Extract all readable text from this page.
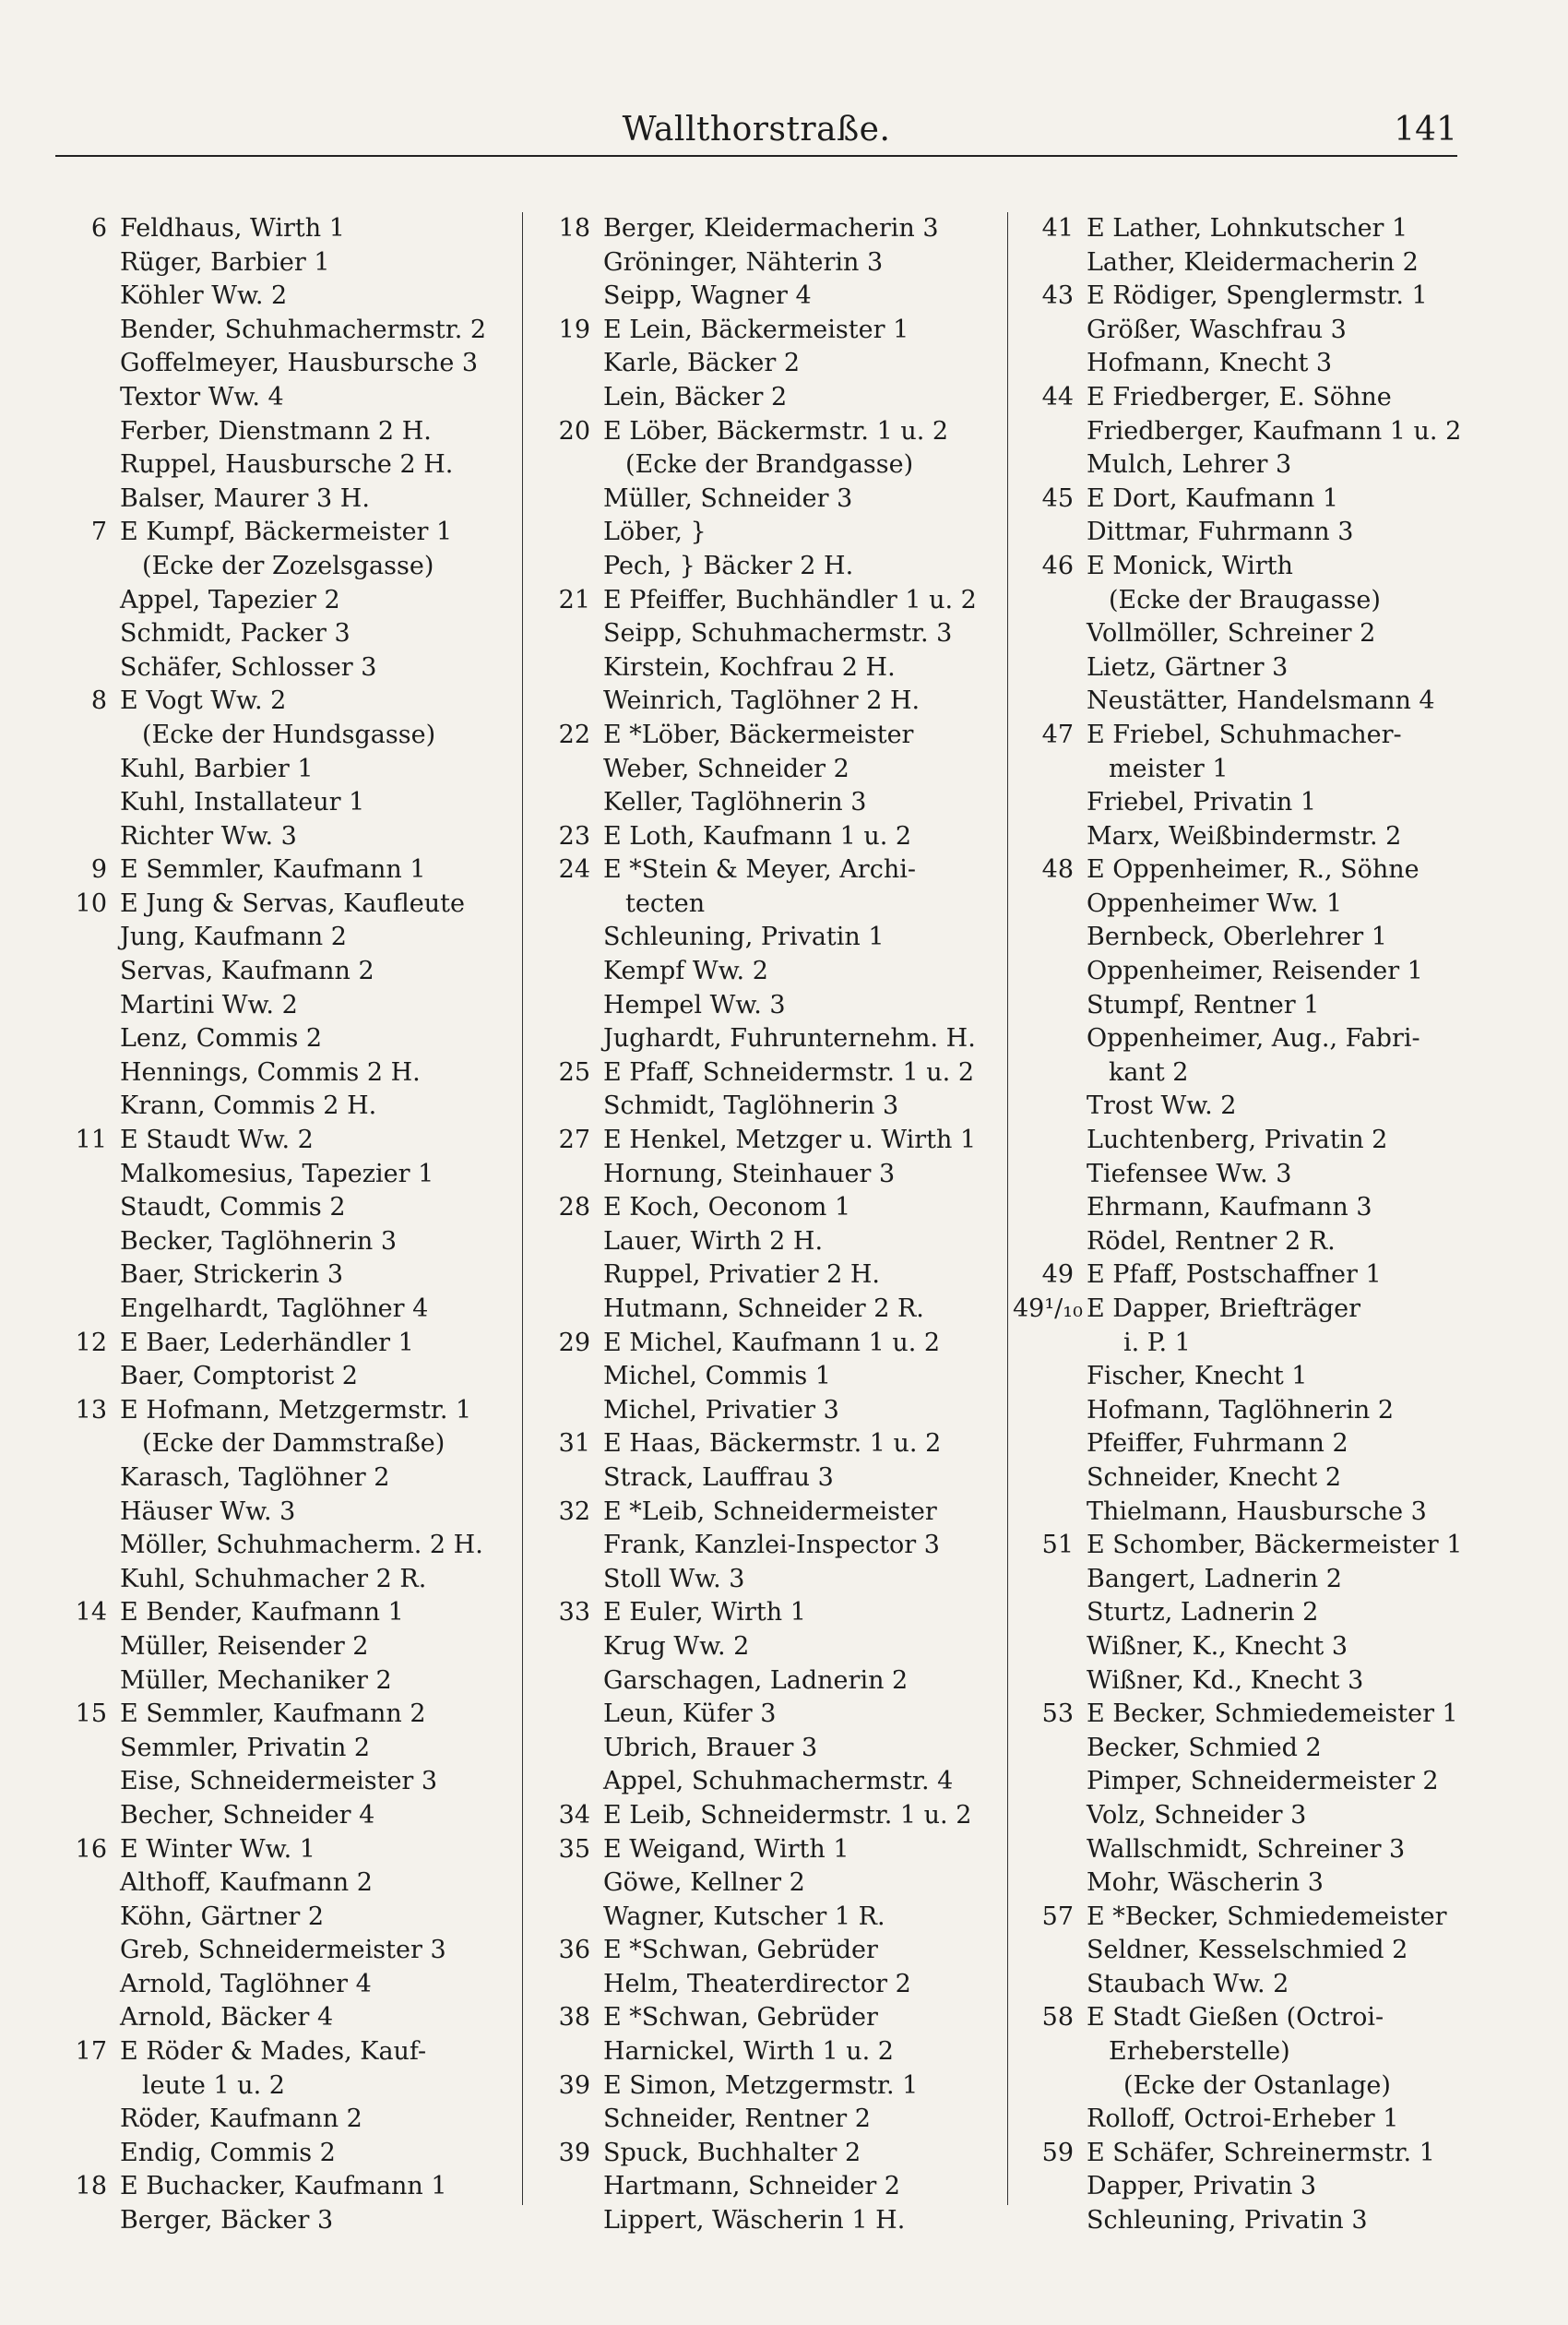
Wallthorstraße.	141
6 Feldhaus, Wirth 1
Rüger, Barbier 1
Köhler Ww. 2
Bender, Schuhmachermstr. 2
Goffelmeyer, Hausbursche 3
Textor Ww. 4
Ferber, Dienstmann 2 H.
Ruppel, Hausbursche 2 H.
Balser, Maurer 3 H.
7 E Kumpf, Bäckermeister 1
(Ecke der Zozelsgasse)
Appel, Tapezier 2
Schmidt, Packer 3
Schäfer, Schlosser 3
8 E Vogt Ww. 2
(Ecke der Hundsgasse)
Kuhl, Barbier 1
Kuhl, Installateur 1
Richter Ww. 3
9 E Semmler, Kaufmann 1
10 E Jung & Servas, Kaufleute
Jung, Kaufmann 2
Servas, Kaufmann 2
Martini Ww. 2
Lenz, Commis 2
Hennings, Commis 2 H.
Krann, Commis 2 H.
11 E Staudt Ww. 2
Malkomesius, Tapezier 1
Staudt, Commis 2
Becker, Taglöhnerin 3
Baer, Strickerin 3
Engelhardt, Taglöhner 4
12 E Baer, Lederhändler 1
Baer, Comptorist 2
13 E Hofmann, Metzgermstr. 1
(Ecke der Dammstraße)
Karasch, Taglöhner 2
Häuser Ww. 3
Möller, Schuhmacherm. 2 H.
Kuhl, Schuhmacher 2 R.
14 E Bender, Kaufmann 1
Müller, Reisender 2
Müller, Mechaniker 2
15 E Semmler, Kaufmann 2
Semmler, Privatin 2
Eise, Schneidermeister 3
Becher, Schneider 4
16 E Winter Ww. 1
Althoff, Kaufmann 2
Köhn, Gärtner 2
Greb, Schneidermeister 3
Arnold, Taglöhner 4
Arnold, Bäcker 4
17 E Röder & Mades, Kauf-
leute 1 u. 2
Röder, Kaufmann 2
Endig, Commis 2
18 E Buchacker, Kaufmann 1
Berger, Bäcker 3
18 Berger, Kleidermacherin 3
Gröninger, Nähterin 3
Seipp, Wagner 4
19 E Lein, Bäckermeister 1
Karle, Bäcker 2
Lein, Bäcker 2
20 E Löber, Bäckermstr. 1 u. 2
(Ecke der Brandgasse)
Müller, Schneider 3
Löber, }
Pech, } Bäcker 2 H.
21 E Pfeiffer, Buchhändler 1 u. 2
Seipp, Schuhmachermstr. 3
Kirstein, Kochfrau 2 H.
Weinrich, Taglöhner 2 H.
22 E *Löber, Bäckermeister
Weber, Schneider 2
Keller, Taglöhnerin 3
23 E Loth, Kaufmann 1 u. 2
24 E *Stein & Meyer, Archi-
tecten
Schleuning, Privatin 1
Kempf Ww. 2
Hempel Ww. 3
Jughardt, Fuhrunternehm. H.
25 E Pfaff, Schneidermstr. 1 u. 2
Schmidt, Taglöhnerin 3
27 E Henkel, Metzger u. Wirth 1
Hornung, Steinhauer 3
28 E Koch, Oeconom 1
Lauer, Wirth 2 H.
Ruppel, Privatier 2 H.
Hutmann, Schneider 2 R.
29 E Michel, Kaufmann 1 u. 2
Michel, Commis 1
Michel, Privatier 3
31 E Haas, Bäckermstr. 1 u. 2
Strack, Lauffrau 3
32 E *Leib, Schneidermeister
Frank, Kanzlei-Inspector 3
Stoll Ww. 3
33 E Euler, Wirth 1
Krug Ww. 2
Garschagen, Ladnerin 2
Leun, Küfer 3
Ubrich, Brauer 3
Appel, Schuhmachermstr. 4
34 E Leib, Schneidermstr. 1 u. 2
35 E Weigand, Wirth 1
Göwe, Kellner 2
Wagner, Kutscher 1 R.
36 E *Schwan, Gebrüder
Helm, Theaterdirector 2
38 E *Schwan, Gebrüder
Harnickel, Wirth 1 u. 2
39 E Simon, Metzgermstr. 1
Schneider, Rentner 2
39 Spuck, Buchhalter 2
Hartmann, Schneider 2
Lippert, Wäscherin 1 H.
41 E Lather, Lohnkutscher 1
Lather, Kleidermacherin 2
43 E Rödiger, Spenglermstr. 1
Größer, Waschfrau 3
Hofmann, Knecht 3
44 E Friedberger, E. Söhne
Friedberger, Kaufmann 1 u. 2
Mulch, Lehrer 3
45 E Dort, Kaufmann 1
Dittmar, Fuhrmann 3
46 E Monick, Wirth
(Ecke der Braugasse)
Vollmöller, Schreiner 2
Lietz, Gärtner 3
Neustätter, Handelsmann 4
47 E Friebel, Schuhmacher-
meister 1
Friebel, Privatin 1
Marx, Weißbindermstr. 2
48 E Oppenheimer, R., Söhne
Oppenheimer Ww. 1
Bernbeck, Oberlehrer 1
Oppenheimer, Reisender 1
Stumpf, Rentner 1
Oppenheimer, Aug., Fabri-
kant 2
Trost Ww. 2
Luchtenberg, Privatin 2
Tiefensee Ww. 3
Ehrmann, Kaufmann 3
Rödel, Rentner 2 R.
49 E Pfaff, Postschaffner 1
49¹/₁₀ E Dapper, Briefträger
i. P. 1
Fischer, Knecht 1
Hofmann, Taglöhnerin 2
Pfeiffer, Fuhrmann 2
Schneider, Knecht 2
Thielmann, Hausbursche 3
51 E Schomber, Bäckermeister 1
Bangert, Ladnerin 2
Sturtz, Ladnerin 2
Wißner, K., Knecht 3
Wißner, Kd., Knecht 3
53 E Becker, Schmiedemeister 1
Becker, Schmied 2
Pimper, Schneidermeister 2
Volz, Schneider 3
Wallschmidt, Schreiner 3
Mohr, Wäscherin 3
57 E *Becker, Schmiedemeister
Seldner, Kesselschmied 2
Staubach Ww. 2
58 E Stadt Gießen (Octroi-
Erheberstelle)
(Ecke der Ostanlage)
Rolloff, Octroi-Erheber 1
59 E Schäfer, Schreinermstr. 1
Dapper, Privatin 3
Schleuning, Privatin 3
